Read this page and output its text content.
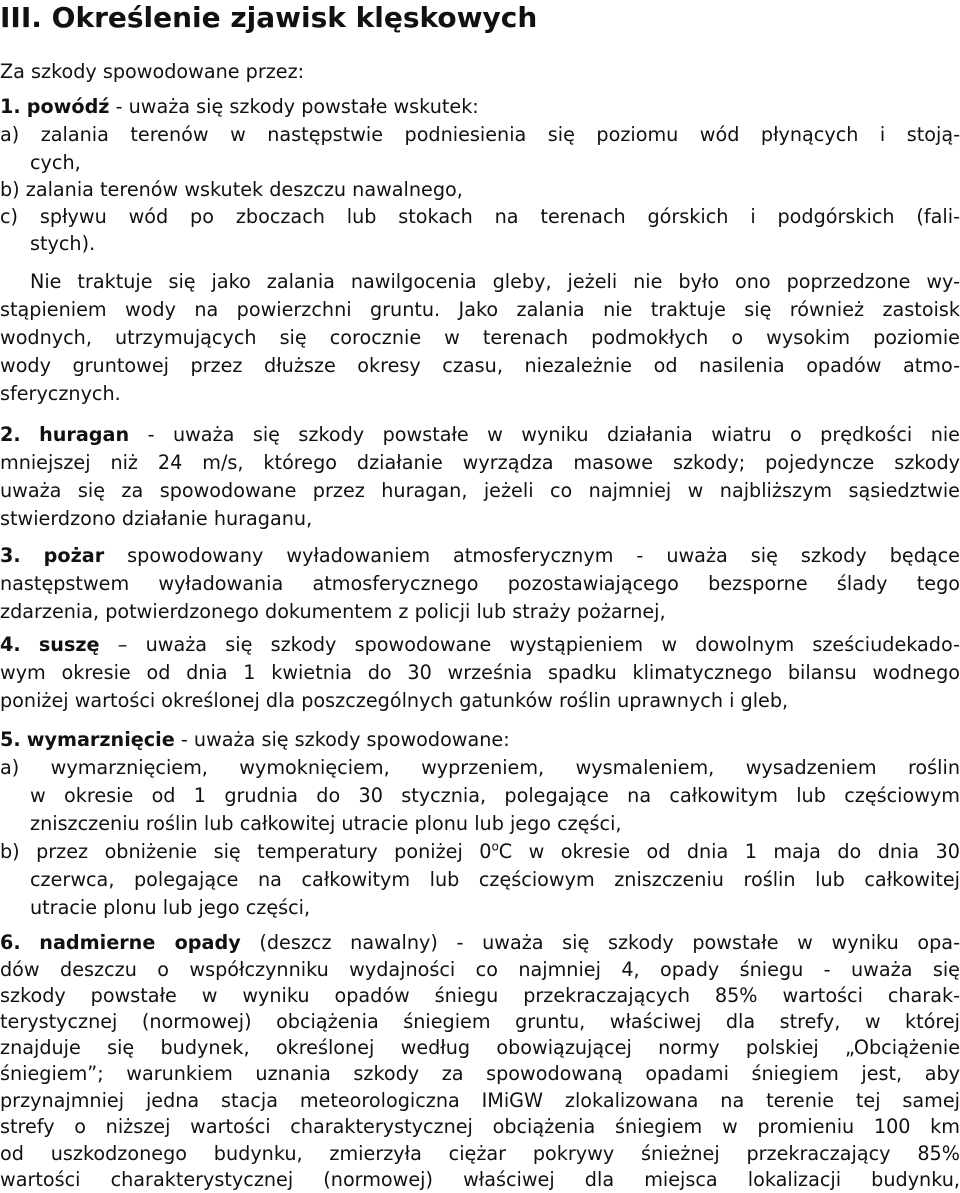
III. Określenie zjawisk klęskowych
Za szkody spowodowane przez:
1. powódź - uważa się szkody powstałe wskutek:
a) zalania terenów w następstwie podniesienia się poziomu wód płynących i stoją-
cych,
b) zalania terenów wskutek deszczu nawalnego,
c) spływu wód po zboczach lub stokach na terenach górskich i podgórskich (fali-
stych).
Nie traktuje się jako zalania nawilgocenia gleby, jeżeli nie było ono poprzedzone wy-
stąpieniem wody na powierzchni gruntu. Jako zalania nie traktuje się również zastoisk
wodnych, utrzymujących się corocznie w terenach podmokłych o wysokim poziomie
wody gruntowej przez dłuższe okresy czasu, niezależnie od nasilenia opadów atmo-
sferycznych.
2. huragan - uważa się szkody powstałe w wyniku działania wiatru o prędkości nie
mniejszej niż 24 m/s, którego działanie wyrządza masowe szkody; pojedyncze szkody
uważa się za spowodowane przez huragan, jeżeli co najmniej w najbliższym sąsiedztwie
stwierdzono działanie huraganu,
3. pożar spowodowany wyładowaniem atmosferycznym - uważa się szkody będące
następstwem wyładowania atmosferycznego pozostawiającego bezsporne ślady tego
zdarzenia, potwierdzonego dokumentem z policji lub straży pożarnej,
4. suszę – uważa się szkody spowodowane wystąpieniem w dowolnym sześciudekado-
wym okresie od dnia 1 kwietnia do 30 września spadku klimatycznego bilansu wodnego
poniżej wartości określonej dla poszczególnych gatunków roślin uprawnych i gleb,
5. wymarznięcie - uważa się szkody spowodowane:
a) wymarznięciem, wymoknięciem, wyprzeniem, wysmaleniem, wysadzeniem roślin
w okresie od 1 grudnia do 30 stycznia, polegające na całkowitym lub częściowym
zniszczeniu roślin lub całkowitej utracie plonu lub jego części,
b) przez obniżenie się temperatury poniżej 0$^o$C w okresie od dnia 1 maja do dnia 30
czerwca, polegające na całkowitym lub częściowym zniszczeniu roślin lub całkowitej
utracie plonu lub jego części,
6. nadmierne opady (deszcz nawalny) - uważa się szkody powstałe w wyniku opa-
dów deszczu o współczynniku wydajności co najmniej 4, opady śniegu - uważa się
szkody powstałe w wyniku opadów śniegu przekraczających 85% wartości charak-
terystycznej (normowej) obciążenia śniegiem gruntu, właściwej dla strefy, w której
znajduje się budynek, określonej według obowiązującej normy polskiej „Obciążenie
śniegiem”; warunkiem uznania szkody za spowodowaną opadami śniegiem jest, aby
przynajmniej jedna stacja meteorologiczna IMiGW zlokalizowana na terenie tej samej
strefy o niższej wartości charakterystycznej obciążenia śniegiem w promieniu 100 km
od uszkodzonego budynku, zmierzyła ciężar pokrywy śnieżnej przekraczający 85%
wartości charakterystycznej (normowej) właściwej dla miejsca lokalizacji budynku,
